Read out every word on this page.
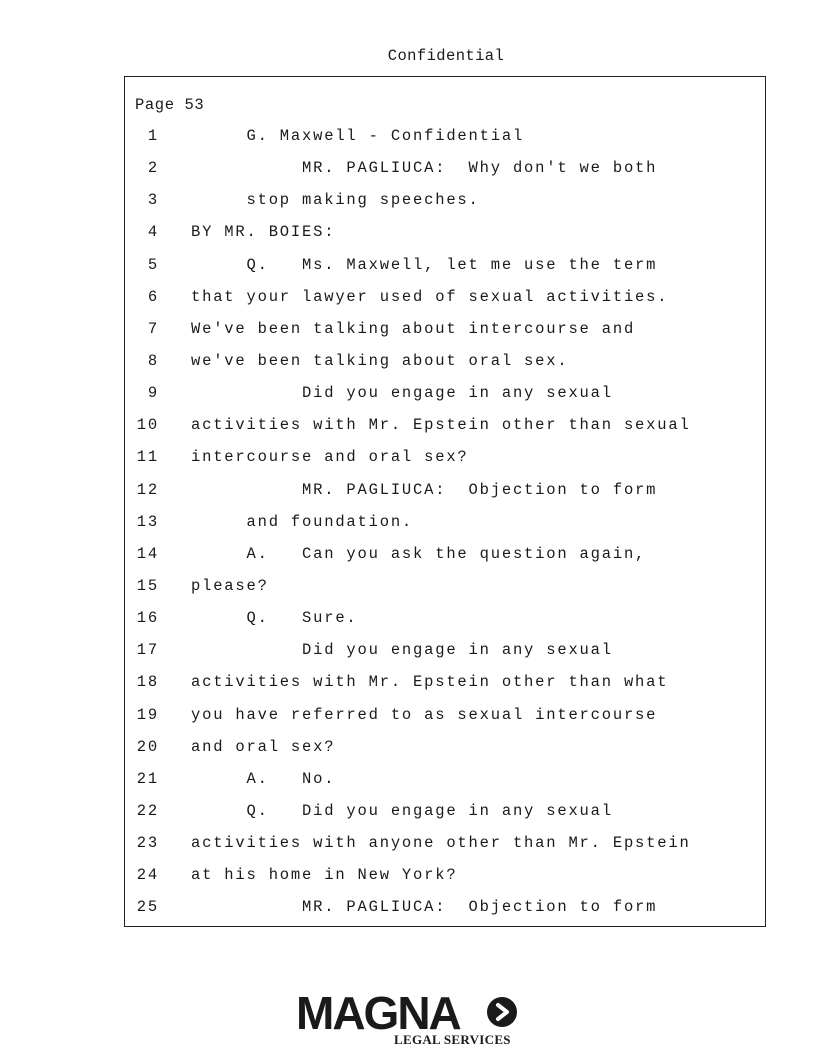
Confidential
Page 53
1 G. Maxwell - Confidential
2 MR. PAGLIUCA:  Why don't we both
3 stop making speeches.
4 BY MR. BOIES:
5 Q.   Ms. Maxwell, let me use the term
6 that your lawyer used of sexual activities.
7 We've been talking about intercourse and
8 we've been talking about oral sex.
9 Did you engage in any sexual
10 activities with Mr. Epstein other than sexual
11 intercourse and oral sex?
12 MR. PAGLIUCA:  Objection to form
13 and foundation.
14 A.   Can you ask the question again,
15 please?
16 Q.   Sure.
17 Did you engage in any sexual
18 activities with Mr. Epstein other than what
19 you have referred to as sexual intercourse
20 and oral sex?
21 A.   No.
22 Q.   Did you engage in any sexual
23 activities with anyone other than Mr. Epstein
24 at his home in New York?
25 MR. PAGLIUCA:  Objection to form
MAGNA
LEGAL SERVICES
